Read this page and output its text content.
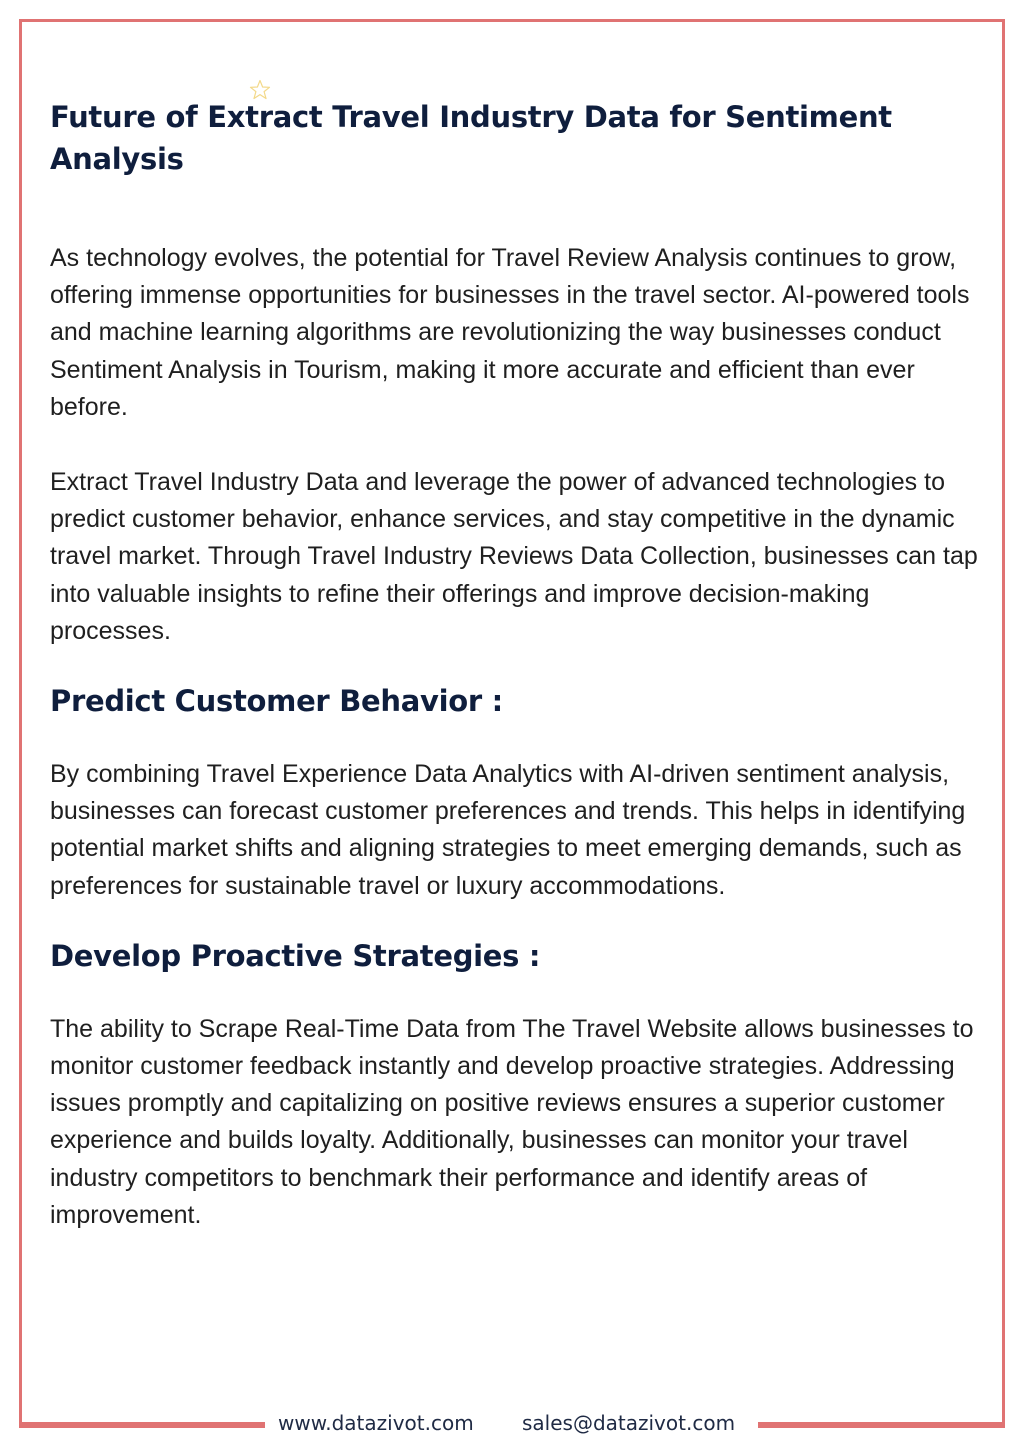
Future of Extract Travel Industry Data for Sentiment Analysis

As technology evolves, the potential for Travel Review Analysis continues to grow, offering immense opportunities for businesses in the travel sector. AI-powered tools and machine learning algorithms are revolutionizing the way businesses conduct Sentiment Analysis in Tourism, making it more accurate and efficient than ever before.

Extract Travel Industry Data and leverage the power of advanced technologies to predict customer behavior, enhance services, and stay competitive in the dynamic travel market. Through Travel Industry Reviews Data Collection, businesses can tap into valuable insights to refine their offerings and improve decision-making processes.

Predict Customer Behavior :

By combining Travel Experience Data Analytics with AI-driven sentiment analysis, businesses can forecast customer preferences and trends. This helps in identifying potential market shifts and aligning strategies to meet emerging demands, such as preferences for sustainable travel or luxury accommodations.

Develop Proactive Strategies :

The ability to Scrape Real-Time Data from The Travel Website allows businesses to monitor customer feedback instantly and develop proactive strategies. Addressing issues promptly and capitalizing on positive reviews ensures a superior customer experience and builds loyalty. Additionally, businesses can monitor your travel industry competitors to benchmark their performance and identify areas of improvement.

www.datazivot.com sales@datazivot.com
